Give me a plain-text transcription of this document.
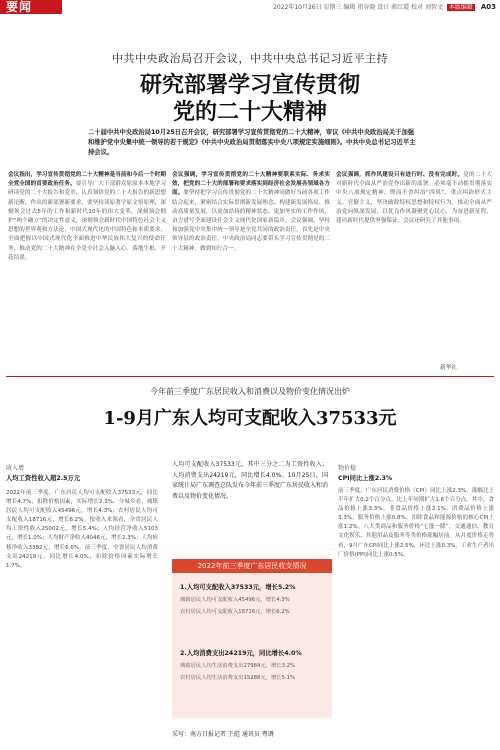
要闻	2022年10月26日 星期三 编辑 祖谷晓 设计 郭红霞 校对 刘智文 本版编辑 A03
中共中央政治局召开会议，中共中央总书记习近平主持
研究部署学习宣传贯彻
党的二十大精神
二十届中共中央政治局10月25日召开会议，研究部署学习宣传贯彻党的二十大精神，审议《中共中央政治局关于加强和维护党中央集中统一领导的若干规定》《中共中央政治局贯彻落实中央八项规定实施细则》。中共中央总书记习近平主持会议。
会议指出，学习宣传贯彻党的二十大精神是当前和今后一个时期全党全国的首要政治任务。要引导广大干部群众原原本本地学习研读党的二十大报告和党章，认真领悟党的二十大报告的新思想新论断，作出的新部署新要求，要坚持读原著学原文悟原理，深刻领会过去5年的工作和新时代10年的伟大变革，深刻领会拥护“两个确立”的决定性意义，深刻领会新时代中国特色社会主义思想的世界观和方法论，中国式现代化的中国特色和本质要求，全面把握以中国式现代化全面推进中华民族伟大复兴的使命任务，推动党的二十大精神在全党全社会入脑入心、落地生根、开花结果。
会议强调，学习宣传贯彻党的二十大精神要联系实际、务求实效，把党的二十大的部署和要求落实到经济社会发展各领域各方面。要坚持把学习宣传贯彻党的二十大精神同做好当前各项工作结合起来，紧密结合实际贯彻新发展理念、构建新发展格局、推动高质量发展，以更加昂扬的精神状态、更加务实的工作作风，奋力谱写全面建设社会主义现代化国家新篇章。会议强调，坚持和加强党中央集中统一领导是全党共同的政治责任，首先是中央领导层的政治责任。中央政治局同志要带头学习宣传贯彻党的二十大精神，做到知行合一。
会议强调，抓作风建设只有进行时、没有完成时。党的二十大对新时代全面从严治党作出新的部署。必须毫不动摇贯彻落实中央八项规定精神，锲而不舍纠治“四风”，重点纠治形式主义、官僚主义，坚决破除特权思想和特权行为，推动全面从严治党向纵深发展，以优良作风凝聚党心民心，为奋进新征程、建功新时代提供坚强保证。会议还研究了其他事项。
新华社
今年前三季度广东居民收入和消费以及物价变化情况出炉
1-9月广东人均可支配收入37533元
收入增
人均工资性收入超2.5万元
2022年前三季度，广东居民人均可支配收入37533元，同比增长4.7%，扣除价格因素，实际增长2.3%。分城乡看，城镇居民人均可支配收入45496元，增长4.3%；农村居民人均可支配收入18716元，增长6.2%。按收入来源看，全省居民人均工资性收入25002元，增长5.4%；人均经营净收入5103元，增长1.0%；人均财产净收入4046元，增长2.3%；人均转移净收入3382元，增长6.6%。前三季度，全省居民人均消费支出24219元，同比增长4.0%，扣除价格因素实际增长1.7%。
人均可支配收入37533元，其中三分之二为工资性收入；人均消费支出24219元，同比增长4.0%。10月25日，国家统计局广东调查总队发布今年前三季度广东居民收入和消费以及物价变化情况。
2022年前三季度广东居民收支情况
1.人均可支配收入37533元，增长5.2%
城镇居民人均可支配收入45496元，增长4.3%
农村居民人均可支配收入18716元，增长6.2%
2.人均消费支出24219元，同比增长4.0%
城镇居民人均生活消费支出27984元，增长3.2%
农村居民人均生活消费支出15288元，增长5.1%
采写：南方日报记者 王彪 通讯员 粤调
物价稳
CPI同比上涨2.3%
前三季度，广东居民消费价格（CPI）同比上涨2.3%，涨幅比上半年扩大0.2个百分点，比上年同期扩大1.6个百分点。其中，食品价格上涨3.3%，非食品价格上涨2.1%；消费品价格上涨3.3%，服务价格上涨0.8%。扣除食品和能源价格的核心CPI上涨1.2%。八大类商品和服务价格“七涨一降”，交通通信、教育文化娱乐、其他用品及服务等类价格涨幅居前。从月度价格走势看，9月广东CPI同比上涨2.5%，环比上涨0.3%，工业生产者出厂价格(PPI)同比上涨0.5%。
